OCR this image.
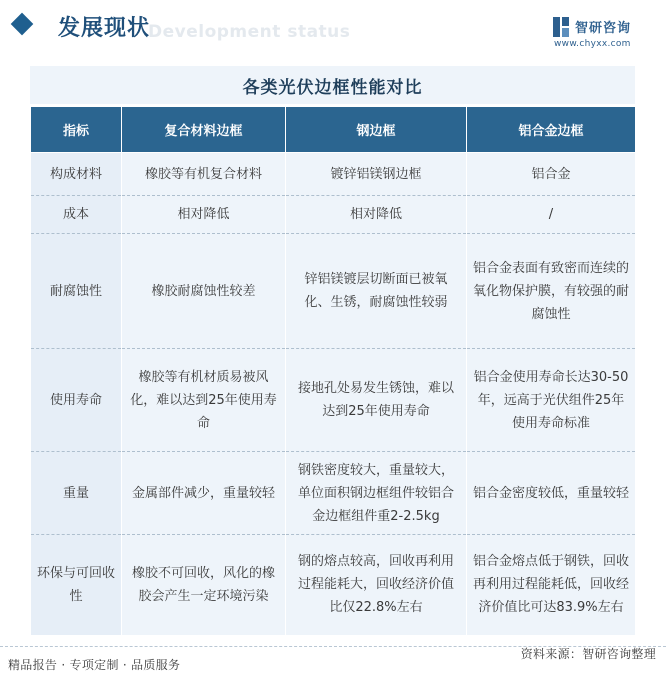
Development status
发展现状	智研咨询
www.chyxx.com
各类光伏边框性能对比
指标	复合材料边框	钢边框	铝合金边框
构成材料	橡胶等有机复合材料	镀锌铝镁钢边框	铝合金
成本	相对降低	相对降低	/
耐腐蚀性	橡胶耐腐蚀性较差	锌铝镁镀层切断面已被氧化、生锈，耐腐蚀性较弱	铝合金表面有致密而连续的氧化物保护膜，有较强的耐腐蚀性
使用寿命	橡胶等有机材质易被风化，难以达到25年使用寿命	接地孔处易发生锈蚀，难以达到25年使用寿命	铝合金使用寿命长达30-50年，远高于光伏组件25年使用寿命标准
重量	金属部件减少，重量较轻	钢铁密度较大，重量较大，单位面积钢边框组件较铝合金边框组件重2-2.5kg	铝合金密度较低，重量较轻
环保与可回收性	橡胶不可回收，风化的橡胶会产生一定环境污染	钢的熔点较高，回收再利用过程能耗大，回收经济价值比仅22.8%左右	铝合金熔点低于钢铁，回收再利用过程能耗低，回收经济价值比可达83.9%左右
精品报告 · 专项定制 · 品质服务
资料来源：智研咨询整理
